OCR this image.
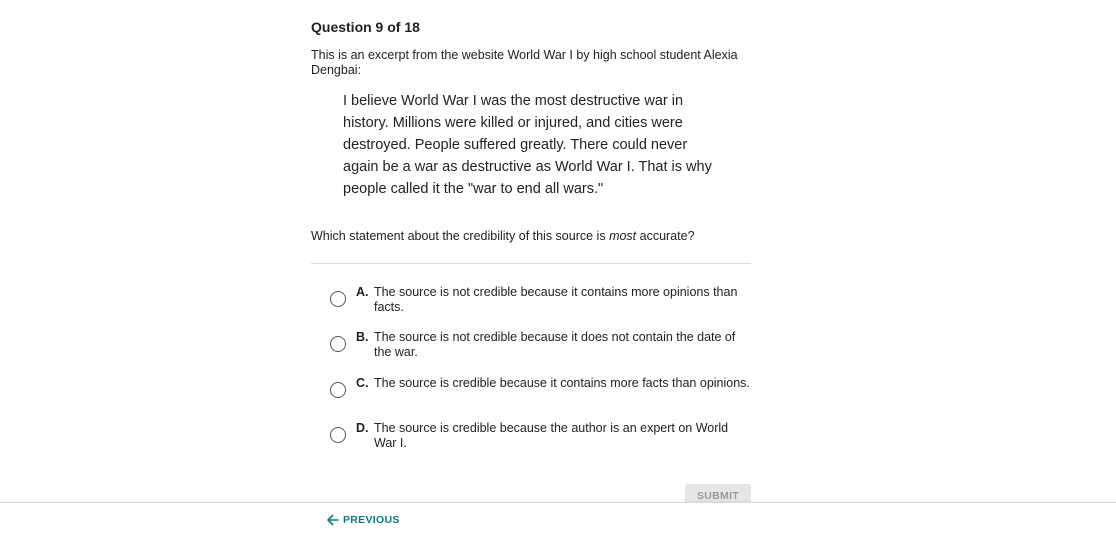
Question 9 of 18
This is an excerpt from the website World War I by high school student Alexia Dengbai:
I believe World War I was the most destructive war in history. Millions were killed or injured, and cities were destroyed. People suffered greatly. There could never again be a war as destructive as World War I. That is why people called it the "war to end all wars."
Which statement about the credibility of this source is most accurate?
A. The source is not credible because it contains more opinions than facts.
B. The source is not credible because it does not contain the date of the war.
C. The source is credible because it contains more facts than opinions.
D. The source is credible because the author is an expert on World War I.
SUBMIT
PREVIOUS
